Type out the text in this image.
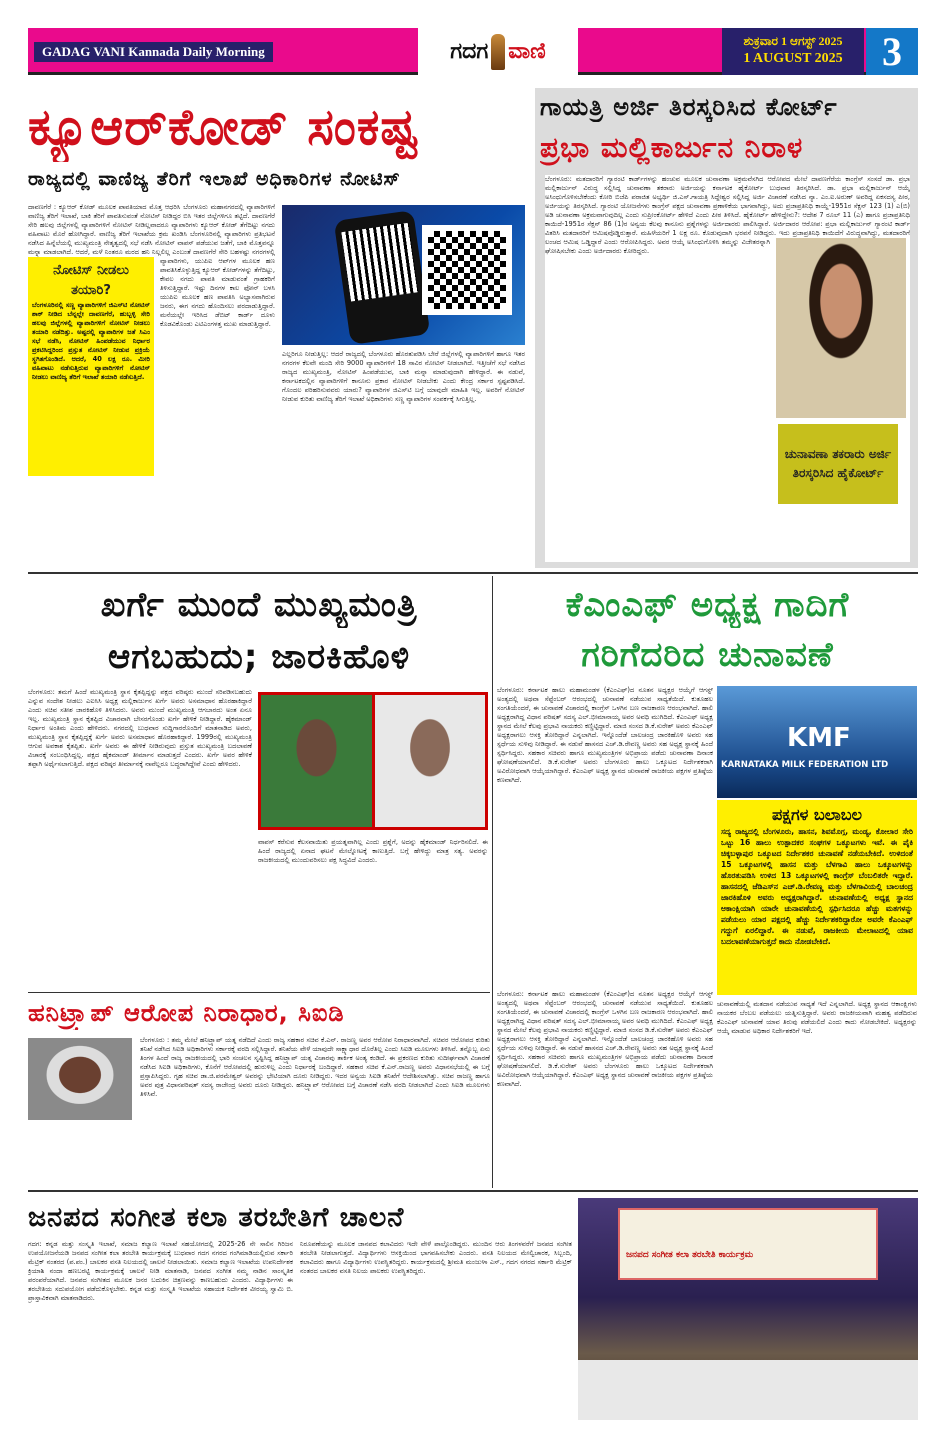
GADAG VANI Kannada Daily Morning	ಗದಗ ವಾಣಿ	ಶುಕ್ರವಾರ 1 ಆಗಸ್ಟ್ 2025
1 AUGUST 2025 3
ಕ್ಯೂಆರ್‌ಕೋಡ್ ಸಂಕಷ್ಟ
ರಾಜ್ಯದಲ್ಲಿ ವಾಣಿಜ್ಯ ತೆರಿಗೆ ಇಲಾಖೆ ಅಧಿಕಾರಿಗಳ ನೋಟಿಸ್
ನೋಟಿಸ್ ನೀಡಲು ತಯಾರಿ?
ಬೆಂಗಳೂರಿನಲ್ಲಿ ಸಣ್ಣ ವ್ಯಾಪಾರಿಗಳಿಗೆ ಜಿಎಸ್‌ಟಿ ನೋಟಿಸ್ ಶಾಕ್ ನೀಡಿದ ಬೆನ್ನಲ್ಲೇ ದಾವಣಗೆರೆ, ಹುಬ್ಬಳ್ಳಿ ಸೇರಿ ಹಲವು ಜಿಲ್ಲೆಗಳಲ್ಲಿ ವ್ಯಾಪಾರಿಗಳಿಗೆ ನೋಟಿಸ್ ನೀಡಲು ತಯಾರಿ ನಡೆದಿತ್ತು. ಅಷ್ಟರಲ್ಲಿ ವ್ಯಾಪಾರಿಗಳ ಜತೆ ಸಿಎಂ ಸಭೆ ನಡೆಸಿ, ನೋಟಿಸ್ ಹಿಂಪಡೆಯುವ ನಿರ್ಧಾರ ಪ್ರಕಟಿಸಿದ್ದರಿಂದ ಪ್ರಸ್ತುತ ನೋಟಿಸ್ ನೀಡುವ ಪ್ರಕ್ರಿಯೆ ಸ್ಥಗಿತಗೊಂಡಿದೆ. ಆದರೆ, 40 ಲಕ್ಷ ರೂ. ಮೀರಿ ವಹಿವಾಟು ನಡೆಸುತ್ತಿರುವ ವ್ಯಾಪಾರಿಗಳಿಗೆ ನೋಟಿಸ್ ನೀಡಲು ವಾಣಿಜ್ಯ ತೆರಿಗೆ ಇಲಾಖೆ ತಯಾರಿ ನಡೆಸುತ್ತಿದೆ.
ದಾವಣಗೆರೆ : ಕ್ಯೂಆರ್ ಕೋಡ್ ಮೂಲಕ ಪಾವತಿಯಾದ ಮೊತ್ತ ಆಧರಿಸಿ ಬೆಂಗಳೂರು ಮಹಾನಗರದಲ್ಲಿ ವ್ಯಾಪಾರಿಗಳಿಗೆ ವಾಣಿಜ್ಯ ತೆರಿಗೆ ಇಲಾಖೆ, ಬಾಕಿ ತೆರಿಗೆ ಪಾವತಿಸುವಂತೆ ನೋಟಿಸ್ ನೀಡಿದ್ದರ ಬಿಸಿ ಇತರ ಜಿಲ್ಲೆಗಳಿಗೂ ತಟ್ಟಿದೆ. ದಾವಣಗೆರೆ ಸೇರಿ ಹಲವು ಜಿಲ್ಲೆಗಳಲ್ಲಿ ವ್ಯಾಪಾರಿಗಳಿಗೆ ನೋಟಿಸ್ ನೀಡಿಲ್ಲವಾದರೂ ವ್ಯಾಪಾರಿಗಳು ಕ್ಯೂಆರ್ ಕೋಡ್ ತೆಗೆದಿಟ್ಟು ನಗದು ವಹಿವಾಟು ಮೊರೆ ಹೋಗಿದ್ದಾರೆ. ವಾಣಿಜ್ಯ ತೆರಿಗೆ ಇಲಾಖೆಯ ಕ್ರಮ ಖಂಡಿಸಿ ಬೆಂಗಳೂರಿನಲ್ಲಿ ವ್ಯಾಪಾರಿಗಳು ಪ್ರತಿಭಟನೆ ನಡೆಸಿದ ಹಿನ್ನೆಲೆಯಲ್ಲಿ ಮುಖ್ಯಮಂತ್ರಿ ನೇತೃತ್ವದಲ್ಲಿ ಸಭೆ ನಡೆಸಿ ನೋಟಿಸ್ ವಾಪಸ್ ಪಡೆಯುವ ಜತೆಗೆ, ಬಾಕಿ ಮೊತ್ತವನ್ನೂ ಮನ್ನಾ ಮಾಡಲಾಗಿದೆ. ಆದರೆ, ಮಳೆ ನಿಂತರೂ ಮರದ ಹನಿ ನಿಲ್ಲಲಿಲ್ಲ ಎಂಬಂತೆ ದಾವಣಗೆರೆ ಸೇರಿ ಬಹಳಷ್ಟು ನಗರಗಳಲ್ಲಿ ವ್ಯಾಪಾರಿಗಳು, ಯುಪಿಐ ಆಪ್‌ಗಳ ಮೂಲಕ ಹಣ ಪಾವತಿಸಿಕೊಳ್ಳುತ್ತಿದ್ದ ಕ್ಯೂಆರ್ ಕೋಡ್‌ಗಳನ್ನು ತೆಗೆದಿಟ್ಟು, ಕೇವಲ ನಗದು ಪಾವತಿ ಮಾಡುವಂತೆ ಗ್ರಾಹಕರಿಗೆ ತಿಳಿಸುತ್ತಿದ್ದಾರೆ. ಇಷ್ಟು ದಿನಗಳ ಕಾಲ ಫೋನ್ ಬಳಸಿ ಯುಪಿಐ ಮೂಲಕ ಹಣ ಪಾವತಿಸಿ ಅಭ್ಯಾಸವಾಗಿರುವ ಜನರು, ಈಗ ನಗದು ಹೊಂದಿಸಲು ಪರದಾಡುತ್ತಿದ್ದಾರೆ. ಮನೆಯಲ್ಲೇ ಇರಿಸಿದ ಡೆಬಿಟ್ ಕಾರ್ಡ್ ದೂಳು ಕೊಡವಿಕೊಂಡು ಎಟಿಎಂಗಳತ್ತ ಮುಖ ಮಾಡುತ್ತಿದ್ದಾರೆ.
ಎಲ್ಲರಿಗೂ ನೀಡುತ್ತಿಲ್ಲ: ಆದರೆ ರಾಜ್ಯದಲ್ಲಿ ಬೆಂಗಳೂರು ಹೊರತುಪಡಿಸಿ ಬೇರೆ ಜಿಲ್ಲೆಗಳಲ್ಲಿ ವ್ಯಾಪಾರಿಗಳಿಗೆ ಹಾಗೂ ಇತರ ನಗರಗಳ ಕೆಲವೇ ಮಂದಿ ಸೇರಿ 9000 ವ್ಯಾಪಾರಿಗಳಿಗೆ 18 ಸಾವಿರ ನೋಟಿಸ್ ನೀಡಲಾಗಿದೆ. ಇತ್ತೀಚೆಗೆ ಸಭೆ ನಡೆಸಿದ ರಾಜ್ಯದ ಮುಖ್ಯಮಂತ್ರಿ, ನೋಟಿಸ್ ಹಿಂಪಡೆಯುವ, ಬಾಕಿ ಮನ್ನಾ ಮಾಡುವುದಾಗಿ ಹೇಳಿದ್ದಾರೆ. ಈ ನಡುವೆ, ಕರ್ನಾಟಕದಲ್ಲಿನ ವ್ಯಾಪಾರಿಗಳಿಗೆ ಕಾನೂನು ಪ್ರಕಾರ ನೋಟಿಸ್ ನೀಡಬೇಕು ಎಂದು ಕೇಂದ್ರ ಸರ್ಕಾರ ಸ್ಪಷ್ಟಪಡಿಸಿದೆ. ಗೊಂದಲ ಪರಿಹರಿಸುವವರು ಯಾರು? ವ್ಯಾಪಾರಿಗಳ ಜಿಎಸ್‌ಟಿ ಬಗ್ಗೆ ಯಾವುದೇ ಮಾಹಿತಿ ಇಲ್ಲ. ಅವರಿಗೆ ನೋಟಿಸ್ ನೀಡುವ ಕುರಿತು ವಾಣಿಜ್ಯ ತೆರಿಗೆ ಇಲಾಖೆ ಅಧಿಕಾರಿಗಳು ಸಣ್ಣ ವ್ಯಾಪಾರಿಗಳ ಸಂಪರ್ಕಕ್ಕೆ ಸಿಗುತ್ತಿಲ್ಲ.
ಗಾಯತ್ರಿ ಅರ್ಜಿ ತಿರಸ್ಕರಿಸಿದ ಕೋರ್ಟ್
ಪ್ರಭಾ ಮಲ್ಲಿಕಾರ್ಜುನ ನಿರಾಳ
ಚುನಾವಣಾ ತಕರಾರು ಅರ್ಜಿ ತಿರಸ್ಕರಿಸಿದ ಹೈಕೋರ್ಟ್
ಬೆಂಗಳೂರು: ಮತದಾರರಿಗೆ ಗ್ಯಾರಂಟಿ ಕಾರ್ಡ್‌ಗಳನ್ನು ಹಂಚುವ ಮೂಲಕ ಚುನಾವಣಾ ಅಕ್ರಮವೆಸಗಿದ ಆರೋಪದ ಮೇಲೆ ದಾವಣಗೆರೆಯ ಕಾಂಗ್ರೆಸ್ ಸಂಸದೆ ಡಾ. ಪ್ರಭಾ ಮಲ್ಲಿಕಾರ್ಜುನ್ ವಿರುದ್ಧ ಸಲ್ಲಿಸಿದ್ದ ಚುನಾವಣಾ ತಕರಾರು ಅರ್ಜಿಯನ್ನು ಕರ್ನಾಟಕ ಹೈಕೋರ್ಟ್ ಬುಧವಾರ ತಿರಸ್ಕರಿಸಿದೆ. ಡಾ. ಪ್ರಭಾ ಮಲ್ಲಿಕಾರ್ಜುನ್ ಆಯ್ಕೆ ಅಸಿಂಧುಗೊಳಿಸಬೇಕೆಂದು ಕೋರಿ ಬಿಜೆಪಿ ಪರಾಜಿತ ಅಭ್ಯರ್ಥಿ ಜಿ.ಎಸ್.ಗಾಯತ್ರಿ ಸಿದ್ದೇಶ್ವರ ಸಲ್ಲಿಸಿದ್ದ ಅರ್ಜಿ ವಿಚಾರಣೆ ನಡೆಸಿದ ನ್ಯಾ. ಎಂ.ಐ.ಅರುಣ್ ಅವರಿದ್ದ ಏಕಸದಸ್ಯ ಪೀಠ, ಅರ್ಜಿಯನ್ನು ತಿರಸ್ಕರಿಸಿದೆ. ಗ್ಯಾರಂಟಿ ಯೋಜನೆಗಳು ಕಾಂಗ್ರೆಸ್ ಪಕ್ಷದ ಚುನಾವಣಾ ಪ್ರಣಾಳಿಕೆಯ ಭಾಗವಾಗಿದ್ದು, ಅದು ಪ್ರಜಾಪ್ರತಿನಿಧಿ ಕಾಯ್ದೆ-1951ರ ಸೆಕ್ಷನ್ 123 (1) ಎ(ಬಿ) ಅಡಿ ಚುನಾವಣಾ ಅಕ್ರಮವಾಗುವುದಿಲ್ಲ ಎಂದು ಸುಪ್ರೀಂಕೋರ್ಟ್ ಹೇಳಿದೆ ಎಂದು ಪೀಠ ತಿಳಿಸಿದೆ. ಹೈಕೋರ್ಟ್ ಹೇಳಿದ್ದೇನು?: ಆದೇಶ 7 ರೂಲ್ 11 (ಎ) ಹಾಗೂ ಪ್ರಜಾಪ್ರತಿನಿಧಿ ಕಾಯಿದೆ-1951ರ ಸೆಕ್ಷನ್ 86 (1)ರ ಅನ್ವಯ ಕೆಲವು ಕಾನೂನು ಪ್ರಶ್ನೆಗಳನ್ನು ಅರ್ಜಿದಾರರು ಪಾಲಿಸಿದ್ದಾರೆ. ಅರ್ಜಿದಾರರ ಆರೋಪ: ಪ್ರಭಾ ಮಲ್ಲಿಕಾರ್ಜುನ್ ಗ್ಯಾರಂಟಿ ಕಾರ್ಡ್ ವಿತರಿಸಿ ಮತದಾರರಿಗೆ ಆಮಿಷವೊಡ್ಡಿರುತ್ತಾರೆ. ಮಹಿಳೆಯರಿಗೆ 1 ಲಕ್ಷ ರೂ. ಕೊಡುವುದಾಗಿ ಭರವಸೆ ನೀಡಿದ್ದರು. ಇದು ಪ್ರಜಾಪ್ರತಿನಿಧಿ ಕಾಯಿದೆಗೆ ವಿರುದ್ಧವಾಗಿದ್ದು, ಮತದಾರರಿಗೆ ಲಂಚದ ಆಮಿಷ ಒಡ್ಡಿದ್ದಾರೆ ಎಂದು ಆರೋಪಿಸಿದ್ದರು. ಅವರ ಆಯ್ಕೆ ಅಸಿಂಧುಗೊಳಿಸಿ ತಮ್ಮನ್ನು ವಿಜೇತರನ್ನಾಗಿ ಘೋಷಿಸಬೇಕು ಎಂದು ಅರ್ಜಿದಾರರು ಕೋರಿದ್ದರು.
ಖರ್ಗೆ ಮುಂದೆ ಮುಖ್ಯಮಂತ್ರಿ
ಆಗಬಹುದು; ಜಾರಕಿಹೊಳಿ
ಬೆಂಗಳೂರು: ತಮಗೆ ಹಿಂದೆ ಮುಖ್ಯಮಂತ್ರಿ ಸ್ಥಾನ ಕೈತಪ್ಪಿದ್ದನ್ನು ಪಕ್ಷದ ವರಿಷ್ಠರು ಮುಂದೆ ಸರಿಪಡಿಸಬಹುದು ಎನ್ನುವ ಸಂದೇಶ ನೀಡಲು ಎಐಸಿಸಿ ಅಧ್ಯಕ್ಷ ಮಲ್ಲಿಕಾರ್ಜುನ ಖರ್ಗೆ ಅವರು ಅಸಮಾಧಾನ ಹೊರಹಾಕಿದ್ದಾರೆ ಎಂದು ಸಚಿವ ಸತೀಶ ಜಾರಕಿಹೊಳಿ ತಿಳಿಸಿದರು. ಅವರು ಮುಂದೆ ಮುಖ್ಯಮಂತ್ರಿ ಆಗಬಾರದು ಅಂತ ಏನೂ ಇಲ್ಲ. ಮುಖ್ಯಮಂತ್ರಿ ಸ್ಥಾನ ಕೈತಪ್ಪಿದ ವಿಚಾರವಾಗಿ ಬೇಸರಗೊಂಡು ಖರ್ಗೆ ಹೇಳಿಕೆ ನೀಡಿದ್ದಾರೆ. ಹೈಕಮಾಂಡ್ ನಿರ್ಧಾರ ಅಂತಿಮ ಎಂದು ಹೇಳಿದರು. ನಗರದಲ್ಲಿ ಬುಧವಾರ ಸುದ್ದಿಗಾರರೊಂದಿಗೆ ಮಾತನಾಡಿದ ಅವರು, ಮುಖ್ಯಮಂತ್ರಿ ಸ್ಥಾನ ಕೈತಪ್ಪಿದ್ದಕ್ಕೆ ಖರ್ಗೆ ಅವರು ಅಸಮಾಧಾನ ಹೊರಹಾಕಿದ್ದಾರೆ. 1999ರಲ್ಲಿ ಮುಖ್ಯಮಂತ್ರಿ ಆಗುವ ಅವಕಾಶ ಕೈತಪ್ಪಿತು. ಖರ್ಗೆ ಅವರು ಈ ಹೇಳಿಕೆ ನೀಡಿರುವುದು ಪ್ರಸ್ತುತ ಮುಖ್ಯಮಂತ್ರಿ ಬದಲಾವಣೆ ವಿಚಾರಕ್ಕೆ ಸಂಬಂಧಿಸಿದ್ದಲ್ಲ. ಪಕ್ಷದ ಹೈಕಮಾಂಡ್ ತೀರ್ಮಾನ ಮಾಡುತ್ತದೆ ಎಂದರು. ಖರ್ಗೆ ಅವರ ಹೇಳಿಕೆ ತಪ್ಪಾಗಿ ಅರ್ಥೈಸಲಾಗುತ್ತಿದೆ. ಪಕ್ಷದ ವರಿಷ್ಠರ ತೀರ್ಮಾನಕ್ಕೆ ನಾವೆಲ್ಲರೂ ಬದ್ಧರಾಗಿದ್ದೇವೆ ಎಂದು ಹೇಳಿದರು.
ವಾಪಸ್ ಕರೆಸುವ ಕೆಲಸವಾಯಿತು ಪ್ರಯತ್ನವಾಗಿಲ್ಲ ಎಂದು ಪ್ರಶ್ನೆಗೆ, ಅದನ್ನು ಹೈಕಮಾಂಡ್ ನಿರ್ಧರಿಸಲಿದೆ. ಈ ಹಿಂದೆ ರಾಜ್ಯದಲ್ಲಿ ಏನಾದ ಘಟನೆ ಮೇಲ್ನೋಟಕ್ಕೆ ಕಾಣುತ್ತಿದೆ. ಬಗ್ಗೆ ಹೇಳಿದ್ದು ಮಾತ್ರ ಸತ್ಯ. ಅವರನ್ನು ರಾಜಕೀಯದಲ್ಲಿ ಮುಂದುವರಿಸಲು ಪಕ್ಷ ಸಿದ್ಧವಿದೆ ಎಂದರು.
ಕೆಎಂಎಫ್ ಅಧ್ಯಕ್ಷ ಗಾದಿಗೆ
ಗರಿಗೆದರಿದ ಚುನಾವಣೆ
ಬೆಂಗಳೂರು: ಕರ್ನಾಟಕ ಹಾಲು ಮಹಾಮಂಡಳ (ಕೆಎಂಎಫ್)ದ ನೂತನ ಅಧ್ಯಕ್ಷರ ಆಯ್ಕೆಗೆ ಆಗಸ್ಟ್ ಅಂತ್ಯದಲ್ಲಿ ಅಥವಾ ಸೆಪ್ಟೆಂಬರ್ ಆರಂಭದಲ್ಲಿ ಚುನಾವಣೆ ನಡೆಯುವ ಸಾಧ್ಯತೆಯಿದೆ. ಕುತೂಹಲ ಸಂಗತಿಯೆಂದರೆ, ಈ ಚುನಾವಣೆ ವಿಚಾರದಲ್ಲಿ ಕಾಂಗ್ರೆಸ್ ಒಳಗಿನ ಬಣ ರಾಜಕಾರಣ ಆರಂಭವಾಗಿದೆ. ಹಾಲಿ ಅಧ್ಯಕ್ಷರಾಗಿದ್ದ ವಿಧಾನ ಪರಿಷತ್ ಸದಸ್ಯ ಎಲ್.ಭೀಮಾನಾಯ್ಕ ಅವರ ಅವಧಿ ಮುಗಿದಿದೆ. ಕೆಎಂಎಫ್ ಅಧ್ಯಕ್ಷ ಸ್ಥಾನದ ಮೇಲೆ ಕೆಲವು ಪ್ರಭಾವಿ ನಾಯಕರು ಕಣ್ಣಿಟ್ಟಿದ್ದಾರೆ. ಮಾಜಿ ಸಂಸದ ಡಿ.ಕೆ.ಸುರೇಶ್ ಅವರು ಕೆಎಂಎಫ್ ಅಧ್ಯಕ್ಷರಾಗಲು ಆಸಕ್ತಿ ತೋರಿದ್ದಾರೆ ಎನ್ನಲಾಗಿದೆ. ಇನ್ನೊಂದೆಡೆ ಬಾಲಚಂದ್ರ ಜಾರಕಿಹೊಳಿ ಅವರು ಸಹ ಸ್ಪರ್ಧೆಯ ಸುಳಿವು ನೀಡಿದ್ದಾರೆ. ಈ ನಡುವೆ ಹಾಸನದ ಎಚ್.ಡಿ.ರೇವಣ್ಣ ಅವರು ಸಹ ಅಧ್ಯಕ್ಷ ಸ್ಥಾನಕ್ಕೆ ಹಿಂದೆ ಸ್ಪರ್ಧಿಸಿದ್ದರು. ಸಹಕಾರ ಸಚಿವರು ಹಾಗೂ ಮುಖ್ಯಮಂತ್ರಿಗಳ ಅಭಿಪ್ರಾಯ ಪಡೆದು ಚುನಾವಣಾ ದಿನಾಂಕ ಘೋಷಣೆಯಾಗಲಿದೆ. ಡಿ.ಕೆ.ಸುರೇಶ್ ಅವರು ಬೆಂಗಳೂರು ಹಾಲು ಒಕ್ಕೂಟದ ನಿರ್ದೇಶಕರಾಗಿ ಅವಿರೋಧವಾಗಿ ಆಯ್ಕೆಯಾಗಿದ್ದಾರೆ. ಕೆಎಂಎಫ್ ಅಧ್ಯಕ್ಷ ಸ್ಥಾನದ ಚುನಾವಣೆ ರಾಜಕೀಯ ಪಕ್ಷಗಳ ಪ್ರತಿಷ್ಠೆಯ ಕಣವಾಗಿದೆ.
KMF
KARNATAKA MILK FEDERATION LTD
ಪಕ್ಷಗಳ ಬಲಾಬಲ
ಸದ್ಯ ರಾಜ್ಯದಲ್ಲಿ ಬೆಂಗಳೂರು, ಹಾಸನ, ಶಿವಮೊಗ್ಗ, ಮಂಡ್ಯ, ಕೋಲಾರ ಸೇರಿ ಒಟ್ಟು 16 ಹಾಲು ಉತ್ಪಾದಕರ ಸಂಘಗಳ ಒಕ್ಕೂಟಗಳು ಇವೆ. ಈ ಪೈಕಿ ಚಿಕ್ಕಬಳ್ಳಾಪುರ ಒಕ್ಕೂಟದ ನಿರ್ದೇಶಕರ ಚುನಾವಣೆ ನಡೆಯಬೇಕಿದೆ. ಉಳಿದಂತೆ 15 ಒಕ್ಕೂಟಗಳಲ್ಲಿ ಹಾಸನ ಮತ್ತು ಬೆಳಗಾವಿ ಹಾಲು ಒಕ್ಕೂಟಗಳನ್ನು ಹೊರತುಪಡಿಸಿ ಉಳಿದ 13 ಒಕ್ಕೂಟಗಳಲ್ಲಿ ಕಾಂಗ್ರೆಸ್ ಬೆಂಬಲಿತರೇ ಇದ್ದಾರೆ. ಹಾಸನದಲ್ಲಿ ಜೆಡಿಎಸ್‌ನ ಎಚ್.ಡಿ.ರೇವಣ್ಣ ಮತ್ತು ಬೆಳಗಾವಿಯಲ್ಲಿ ಬಾಲಚಂದ್ರ ಜಾರಕಿಹೊಳಿ ಅವರು ಅಧ್ಯಕ್ಷರಾಗಿದ್ದಾರೆ. ಚುನಾವಣೆಯಲ್ಲಿ ಅಧ್ಯಕ್ಷ ಸ್ಥಾನದ ಆಕಾಂಕ್ಷಿಯಾಗಿ ಯಾರೇ ಚುನಾವಣೆಯಲ್ಲಿ ಸ್ಪರ್ಧಿಸಿದರೂ ಹೆಚ್ಚು ಮತಗಳನ್ನು ಪಡೆಯಲು ಯಾರ ಪಕ್ಷದಲ್ಲಿ ಹೆಚ್ಚು ನಿರ್ದೇಶಕರಿದ್ದಾರೋ ಅವರೇ ಕೆಎಂಎಫ್ ಗದ್ದುಗೆ ಏರಲಿದ್ದಾರೆ. ಈ ನಡುವೆ, ರಾಜಕೀಯ ಮೇಲಾಟದಲ್ಲಿ ಯಾವ ಬದಲಾವಣೆಯಾಗುತ್ತದೆ ಕಾದು ನೋಡಬೇಕಿದೆ.
ಚುನಾವಣೆಯಲ್ಲಿ ಮತದಾನ ನಡೆಯುವ ಸಾಧ್ಯತೆ ಇದೆ ಎನ್ನಲಾಗಿದೆ. ಅಧ್ಯಕ್ಷ ಸ್ಥಾನದ ಆಕಾಂಕ್ಷಿಗಳು ನಾಯಕರ ಬೆಂಬಲ ಪಡೆಯಲು ಯತ್ನಿಸುತ್ತಿದ್ದಾರೆ. ಅವರು ರಾಜಕೀಯವಾಗಿ ಮಹತ್ವ ಪಡೆದಿರುವ ಕೆಎಂಎಫ್ ಚುನಾವಣೆ ಯಾವ ತಿರುವು ಪಡೆಯಲಿದೆ ಎಂದು ಕಾದು ನೋಡಬೇಕಿದೆ. ಅಧ್ಯಕ್ಷರನ್ನು ಆಯ್ಕೆ ಮಾಡುವ ಅಧಿಕಾರ ನಿರ್ದೇಶಕರಿಗೆ ಇದೆ.
ಬೆಂಗಳೂರು: ಕರ್ನಾಟಕ ಹಾಲು ಮಹಾಮಂಡಳ (ಕೆಎಂಎಫ್)ದ ನೂತನ ಅಧ್ಯಕ್ಷರ ಆಯ್ಕೆಗೆ ಆಗಸ್ಟ್ ಅಂತ್ಯದಲ್ಲಿ ಅಥವಾ ಸೆಪ್ಟೆಂಬರ್ ಆರಂಭದಲ್ಲಿ ಚುನಾವಣೆ ನಡೆಯುವ ಸಾಧ್ಯತೆಯಿದೆ. ಕುತೂಹಲ ಸಂಗತಿಯೆಂದರೆ, ಈ ಚುನಾವಣೆ ವಿಚಾರದಲ್ಲಿ ಕಾಂಗ್ರೆಸ್ ಒಳಗಿನ ಬಣ ರಾಜಕಾರಣ ಆರಂಭವಾಗಿದೆ. ಹಾಲಿ ಅಧ್ಯಕ್ಷರಾಗಿದ್ದ ವಿಧಾನ ಪರಿಷತ್ ಸದಸ್ಯ ಎಲ್.ಭೀಮಾನಾಯ್ಕ ಅವರ ಅವಧಿ ಮುಗಿದಿದೆ. ಕೆಎಂಎಫ್ ಅಧ್ಯಕ್ಷ ಸ್ಥಾನದ ಮೇಲೆ ಕೆಲವು ಪ್ರಭಾವಿ ನಾಯಕರು ಕಣ್ಣಿಟ್ಟಿದ್ದಾರೆ. ಮಾಜಿ ಸಂಸದ ಡಿ.ಕೆ.ಸುರೇಶ್ ಅವರು ಕೆಎಂಎಫ್ ಅಧ್ಯಕ್ಷರಾಗಲು ಆಸಕ್ತಿ ತೋರಿದ್ದಾರೆ ಎನ್ನಲಾಗಿದೆ. ಇನ್ನೊಂದೆಡೆ ಬಾಲಚಂದ್ರ ಜಾರಕಿಹೊಳಿ ಅವರು ಸಹ ಸ್ಪರ್ಧೆಯ ಸುಳಿವು ನೀಡಿದ್ದಾರೆ. ಈ ನಡುವೆ ಹಾಸನದ ಎಚ್.ಡಿ.ರೇವಣ್ಣ ಅವರು ಸಹ ಅಧ್ಯಕ್ಷ ಸ್ಥಾನಕ್ಕೆ ಹಿಂದೆ ಸ್ಪರ್ಧಿಸಿದ್ದರು. ಸಹಕಾರ ಸಚಿವರು ಹಾಗೂ ಮುಖ್ಯಮಂತ್ರಿಗಳ ಅಭಿಪ್ರಾಯ ಪಡೆದು ಚುನಾವಣಾ ದಿನಾಂಕ ಘೋಷಣೆಯಾಗಲಿದೆ. ಡಿ.ಕೆ.ಸುರೇಶ್ ಅವರು ಬೆಂಗಳೂರು ಹಾಲು ಒಕ್ಕೂಟದ ನಿರ್ದೇಶಕರಾಗಿ ಅವಿರೋಧವಾಗಿ ಆಯ್ಕೆಯಾಗಿದ್ದಾರೆ. ಕೆಎಂಎಫ್ ಅಧ್ಯಕ್ಷ ಸ್ಥಾನದ ಚುನಾವಣೆ ರಾಜಕೀಯ ಪಕ್ಷಗಳ ಪ್ರತಿಷ್ಠೆಯ ಕಣವಾಗಿದೆ.
ಹನಿಟ್ರ್ಯಾಪ್ ಆರೋಪ ನಿರಾಧಾರ, ಸಿಐಡಿ
ಬೆಂಗಳೂರು : ತಮ್ಮ ಮೇಲೆ ಹನಿಟ್ರ್ಯಾಪ್ ಯತ್ನ ನಡೆದಿದೆ ಎಂದು ರಾಜ್ಯ ಸಹಕಾರ ಸಚಿವ ಕೆ.ಎನ್. ರಾಜಣ್ಣ ಅವರ ಆರೋಪ ನಿರಾಧಾರವಾಗಿದೆ. ಸಚಿವರ ಆರೋಪದ ಕುರಿತು ತನಿಖೆ ನಡೆಸಿದ ಸಿಐಡಿ ಅಧಿಕಾರಿಗಳು ಸರ್ಕಾರಕ್ಕೆ ವರದಿ ಸಲ್ಲಿಸಿದ್ದಾರೆ. ತನಿಖೆಯ ವೇಳೆ ಯಾವುದೇ ಸಾಕ್ಷ್ಯಾಧಾರ ದೊರೆತಿಲ್ಲ ಎಂದು ಸಿಐಡಿ ಮೂಲಗಳು ತಿಳಿಸಿವೆ. ತನ್ನೊಬ್ಬ ಏನು ತಿಂಗಳ ಹಿಂದೆ ರಾಜ್ಯ ರಾಜಕೀಯದಲ್ಲಿ ಭಾರಿ ಸಂಚಲನ ಸೃಷ್ಟಿಸಿದ್ದ ಹನಿಟ್ರ್ಯಾಪ್ ಯತ್ನ ವಿಚಾರವು ತಾರ್ಕಿಕ ಅಂತ್ಯ ಕಂಡಿದೆ. ಈ ಪ್ರಕರಣದ ಕುರಿತು ಸುದೀರ್ಘವಾಗಿ ವಿಚಾರಣೆ ನಡೆಸಿದ ಸಿಐಡಿ ಅಧಿಕಾರಿಗಳು, ಕೊನೆಗೆ ಆರೋಪದಲ್ಲಿ ಹುರುಳಿಲ್ಲ ಎಂದು ನಿರ್ಧಾರಕ್ಕೆ ಬಂದಿದ್ದಾರೆ. ಸಹಕಾರ ಸಚಿವ ಕೆ.ಎನ್.ರಾಜಣ್ಣ ಅವರು ವಿಧಾನಸಭೆಯಲ್ಲಿ ಈ ಬಗ್ಗೆ ಪ್ರಸ್ತಾಪಿಸಿದ್ದರು. ಗೃಹ ಸಚಿವ ಡಾ.ಜಿ.ಪರಮೇಶ್ವರ್ ಅವರನ್ನು ಭೇಟಿಯಾಗಿ ದೂರು ನೀಡಿದ್ದರು. ಇದರ ಅನ್ವಯ ಸಿಐಡಿ ತನಿಖೆಗೆ ಆದೇಶಿಸಲಾಗಿತ್ತು. ಸಚಿವ ರಾಜಣ್ಣ ಹಾಗೂ ಅವರ ಪುತ್ರ ವಿಧಾನಪರಿಷತ್ ಸದಸ್ಯ ರಾಜೇಂದ್ರ ಅವರು ದೂರು ನೀಡಿದ್ದರು. ಹನಿಟ್ರ್ಯಾಪ್ ಆರೋಪದ ಬಗ್ಗೆ ವಿಚಾರಣೆ ನಡೆಸಿ ವರದಿ ನೀಡಲಾಗಿದೆ ಎಂದು ಸಿಐಡಿ ಮೂಲಗಳು ತಿಳಿಸಿವೆ.
ಜನಪದ ಸಂಗೀತ ಕಲಾ ತರಬೇತಿಗೆ ಚಾಲನೆ
ಗದಗ: ಕನ್ನಡ ಮತ್ತು ಸಂಸ್ಕೃತಿ ಇಲಾಖೆ, ಸಮಾಜ ಕಲ್ಯಾಣ ಇಲಾಖೆ ಸಹಯೋಗದಲ್ಲಿ 2025-26 ನೇ ಸಾಲಿನ ಗಿರಿಜನ ಉಪಯೋಜನೆಯಡಿ ಜನಪದ ಸಂಗೀತ ಕಲಾ ತರಬೇತಿ ಕಾರ್ಯಕ್ರಮಕ್ಕೆ ಬುಧವಾರ ಗದಗ ನಗರದ ಗಂಗಿಮಾಡಿಯಲ್ಲಿರುವ ಸರ್ಕಾರಿ ಮೆಟ್ರಿಕ್ ನಂತರದ (ಪ.ಪಂ.) ಬಾಲಕರ ವಸತಿ ನಿಲಯದಲ್ಲಿ ಚಾಲನೆ ನೀಡಲಾಯಿತು. ಸಮಾಜ ಕಲ್ಯಾಣ ಇಲಾಖೆಯ ಉಪನಿರ್ದೇಶಕ ಕ್ರಿಯಾಶಿ ನಂದಾ ಹಣಬರಟ್ಟಿ ಕಾರ್ಯಕ್ರಮಕ್ಕೆ ಚಾಲನೆ ನೀಡಿ ಮಾತನಾಡಿ, ಜನಪದ ಸಂಗೀತ ನಮ್ಮ ನಾಡಿನ ಸಾಂಸ್ಕೃತಿಕ ಪರಂಪರೆಯಾಗಿದೆ. ಜನಪದ ಸಂಗೀತದ ಮೂಲಕ ಜನರ ಬದುಕಿನ ಚಿತ್ರಣವನ್ನು ಕಾಣಬಹುದು ಎಂದರು. ವಿದ್ಯಾರ್ಥಿಗಳು ಈ ತರಬೇತಿಯ ಸದುಪಯೋಗ ಪಡೆದುಕೊಳ್ಳಬೇಕು. ಕನ್ನಡ ಮತ್ತು ಸಂಸ್ಕೃತಿ ಇಲಾಖೆಯ ಸಹಾಯಕ ನಿರ್ದೇಶಕ ವೀರಯ್ಯ ಸ್ವಾಮಿ ಬಿ. ಪ್ರಾಸ್ತಾವಿಕವಾಗಿ ಮಾತನಾಡಿದರು.
ನಿರೂಪಣೆಯನ್ನು ಮೂಲಕ ಜಾನಪದ ಕಲಾವಿದರು ಇದೇ ವೇಳೆ ಪಾಲ್ಗೊಂಡಿದ್ದರು. ಮುಂದಿನ ಆರು ತಿಂಗಳವರೆಗೆ ಜನಪದ ಸಂಗೀತ ತರಬೇತಿ ನೀಡಲಾಗುತ್ತದೆ. ವಿದ್ಯಾರ್ಥಿಗಳು ಆಸಕ್ತಿಯಿಂದ ಭಾಗವಹಿಸಬೇಕು ಎಂದರು. ವಸತಿ ನಿಲಯದ ಮೇಲ್ವಿಚಾರಕ, ಸಿಬ್ಬಂದಿ, ಕಲಾವಿದರು ಹಾಗೂ ವಿದ್ಯಾರ್ಥಿಗಳು ಉಪಸ್ಥಿತರಿದ್ದರು. ಕಾರ್ಯಕ್ರಮದಲ್ಲಿ ಶ್ರೀಮತಿ ಮಂಜುಳಾ ಎಸ್., ಗದಗ ನಗರದ ಸರ್ಕಾರಿ ಮೆಟ್ರಿಕ್ ನಂತರದ ಬಾಲಕರ ವಸತಿ ನಿಲಯ ಪಾಲಕರು ಉಪಸ್ಥಿತರಿದ್ದರು.
ಜನಪದ ಸಂಗೀತ ಕಲಾ ತರಬೇತಿ ಕಾರ್ಯಕ್ರಮ
